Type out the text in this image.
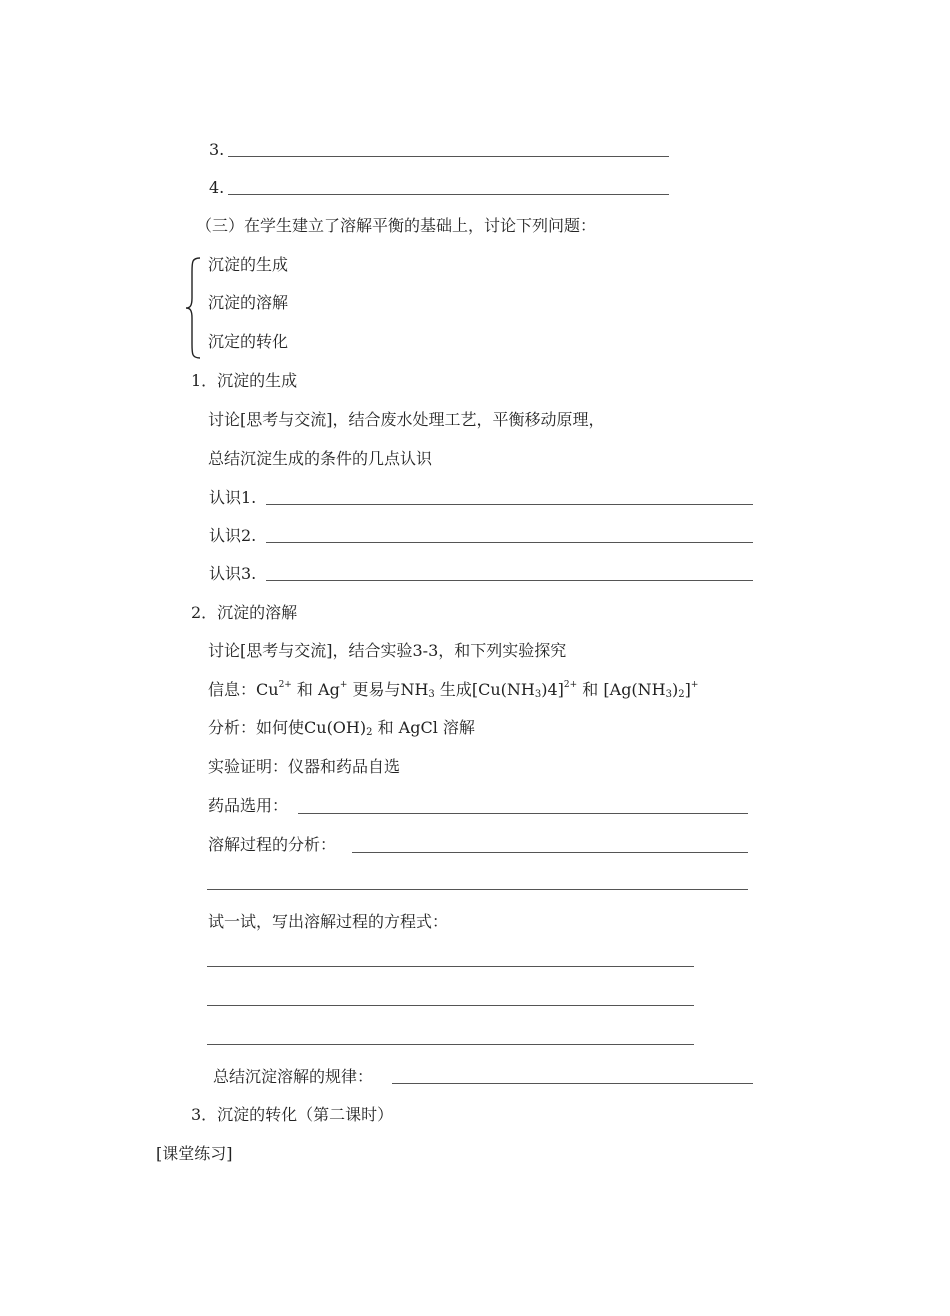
3.
4.
（三）在学生建立了溶解平衡的基础上，讨论下列问题：
沉淀的生成
沉淀的溶解
沉定的转化
1．沉淀的生成
讨论[思考与交流]，结合废水处理工艺，平衡移动原理，
总结沉淀生成的条件的几点认识
认识1.
认识2.
认识3.
2．沉淀的溶解
讨论[思考与交流]，结合实验3-3，和下列实验探究
信息：$Cu^{2+}$ 和 Ag+ 更易与$NH_3$ 生成$[Cu(NH_3)4]^{2+}$ 和 $[Ag(NH_3)_2]^+$
分析：如何使$Cu(OH)_2$ 和 AgCl 溶解
实验证明：仪器和药品自选
药品选用：
溶解过程的分析：
试一试，写出溶解过程的方程式：
总结沉淀溶解的规律：
3．沉淀的转化（第二课时）
[课堂练习]
